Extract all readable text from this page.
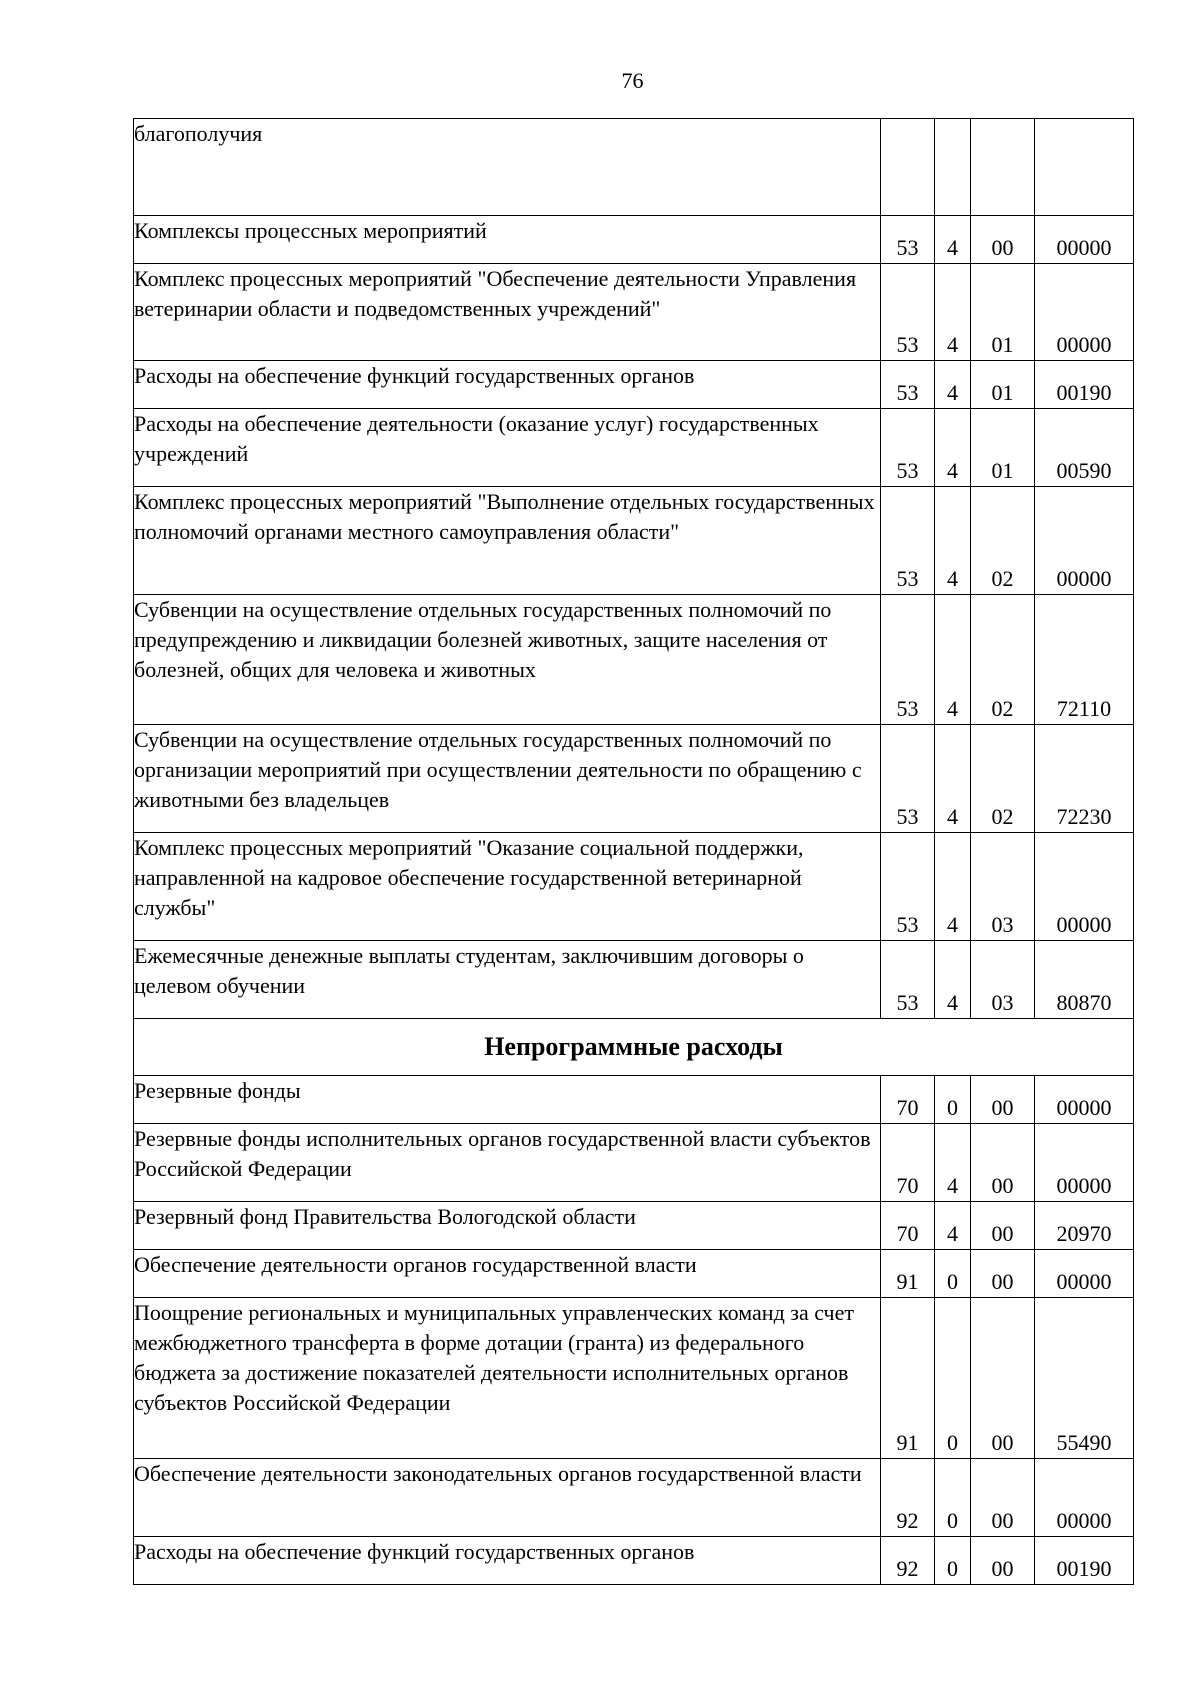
76
благополучия				
Комплексы процессных мероприятий	53	4	00	00000
Комплекс процессных мероприятий "Обеспечение деятельности Управления ветеринарии области и подведомственных учреждений"	53	4	01	00000
Расходы на обеспечение функций государственных органов	53	4	01	00190
Расходы на обеспечение деятельности (оказание услуг) государственных учреждений	53	4	01	00590
Комплекс процессных мероприятий "Выполнение отдельных государственных полномочий органами местного самоуправления области"	53	4	02	00000
Субвенции на осуществление отдельных государственных полномочий по предупреждению и ликвидации болезней животных, защите населения от болезней, общих для человека и животных	53	4	02	72110
Субвенции на осуществление отдельных государственных полномочий по организации мероприятий при осуществлении деятельности по обращению с животными без владельцев	53	4	02	72230
Комплекс процессных мероприятий "Оказание социальной поддержки, направленной на кадровое обеспечение государственной ветеринарной службы"	53	4	03	00000
Ежемесячные денежные выплаты студентам, заключившим договоры о целевом обучении	53	4	03	80870
Непрограммные расходы				
Резервные фонды	70	0	00	00000
Резервные фонды исполнительных органов государственной власти субъектов Российской Федерации	70	4	00	00000
Резервный фонд Правительства Вологодской области	70	4	00	20970
Обеспечение деятельности органов государственной власти	91	0	00	00000
Поощрение региональных и муниципальных управленческих команд за счет межбюджетного трансферта в форме дотации (гранта) из федерального бюджета за достижение показателей деятельности исполнительных органов субъектов Российской Федерации	91	0	00	55490
Обеспечение деятельности законодательных органов государственной власти	92	0	00	00000
Расходы на обеспечение функций государственных органов	92	0	00	00190
